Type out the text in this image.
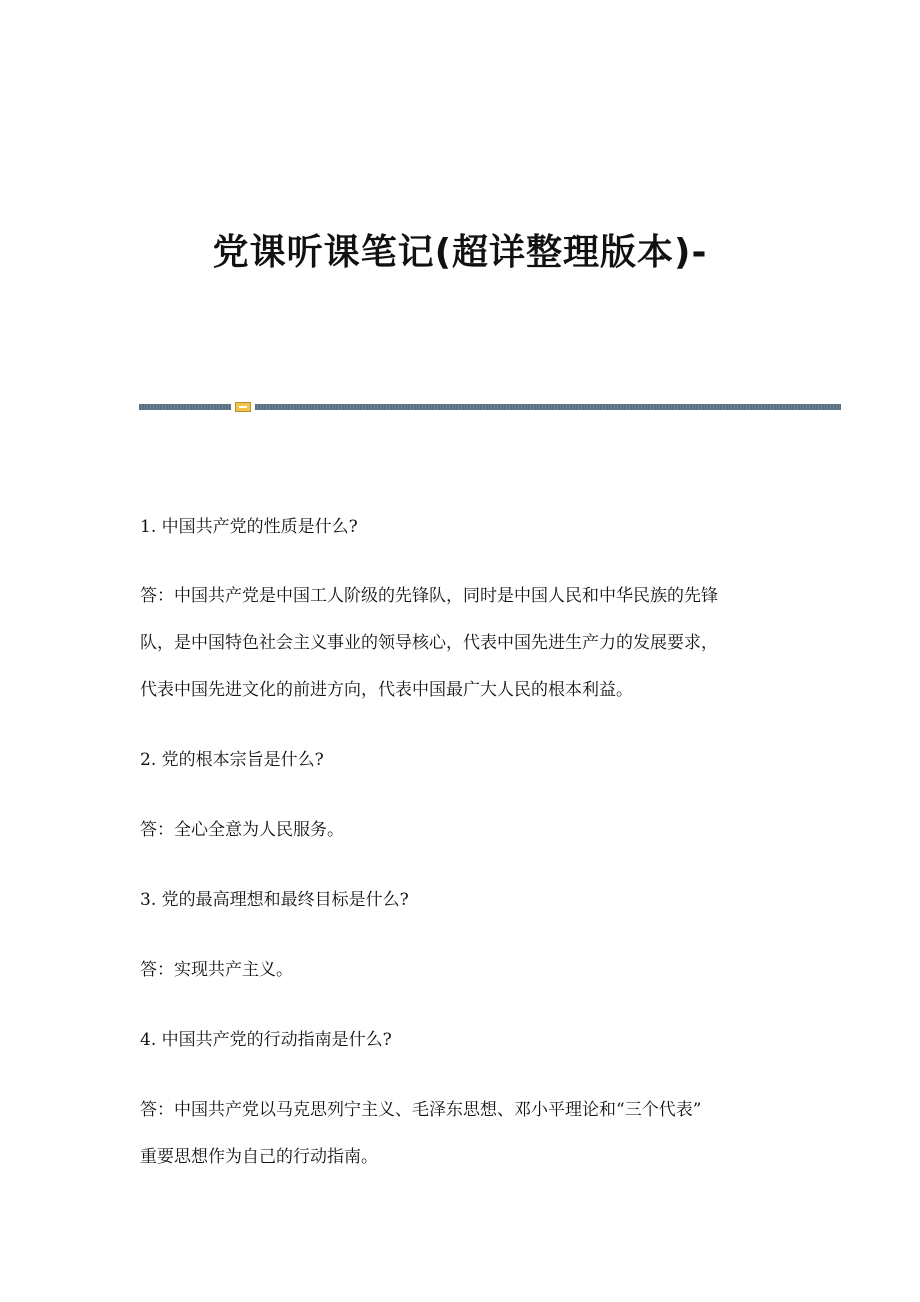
党课听课笔记(超详整理版本)-
1. 中国共产党的性质是什么?
答：中国共产党是中国工人阶级的先锋队，同时是中国人民和中华民族的先锋
队，是中国特色社会主义事业的领导核心，代表中国先进生产力的发展要求，
代表中国先进文化的前进方向，代表中国最广大人民的根本利益。
2. 党的根本宗旨是什么?
答：全心全意为人民服务。
3. 党的最高理想和最终目标是什么?
答：实现共产主义。
4. 中国共产党的行动指南是什么?
答：中国共产党以马克思列宁主义、毛泽东思想、邓小平理论和“三个代表”
重要思想作为自己的行动指南。
